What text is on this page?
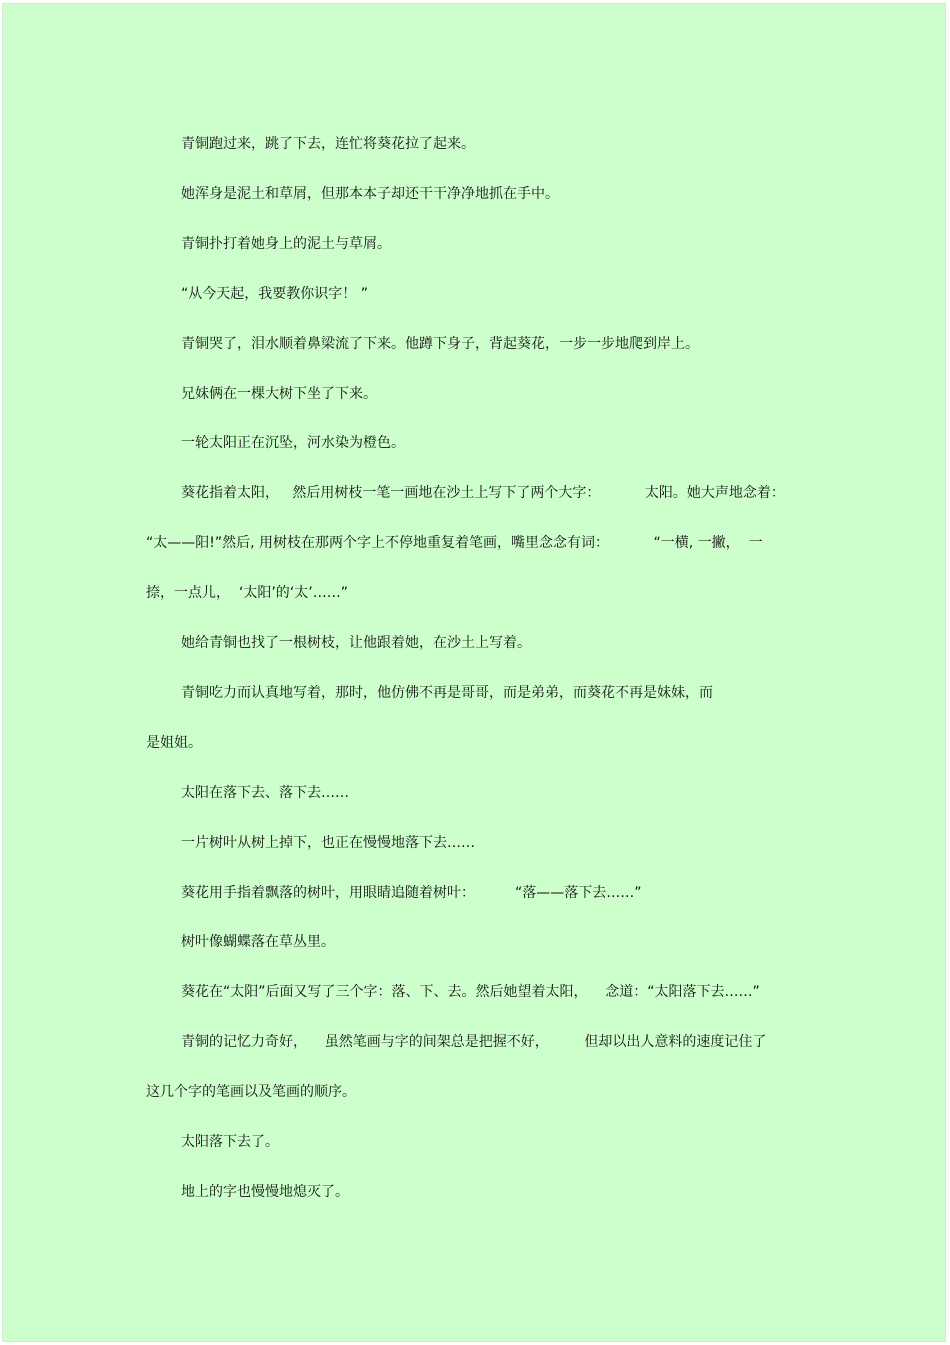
青铜跑过来，跳了下去，连忙将葵花拉了起来。

她浑身是泥土和草屑，但那本本子却还干干净净地抓在手中。

青铜扑打着她身上的泥土与草屑。

“从今天起，我要教你识字！ ”

青铜哭了，泪水顺着鼻梁流了下来。他蹲下身子，背起葵花，一步一步地爬到岸上。

兄妹俩在一棵大树下坐了下来。

一轮太阳正在沉坠，河水染为橙色。

葵花指着太阳，   然后用树枝一笔一画地在沙土上写下了两个大字：          太阳。她大声地念着：

“太——阳!”然后, 用树枝在那两个字上不停地重复着笔画，嘴里念念有词：          “一横, 一撇，  一

捺，一点儿，  ‘太阳’的‘太’……”

她给青铜也找了一根树枝，让他跟着她，在沙土上写着。

青铜吃力而认真地写着，那时，他仿佛不再是哥哥，而是弟弟，而葵花不再是妹妹，而

是姐姐。

太阳在落下去、落下去……

一片树叶从树上掉下，也正在慢慢地落下去……

葵花用手指着飘落的树叶，用眼睛追随着树叶：         “落——落下去……”

树叶像蝴蝶落在草丛里。

葵花在“太阳”后面又写了三个字：落、下、去。然后她望着太阳，    念道：“太阳落下去……”

青铜的记忆力奇好，    虽然笔画与字的间架总是把握不好，        但却以出人意料的速度记住了

这几个字的笔画以及笔画的顺序。

太阳落下去了。

地上的字也慢慢地熄灭了。
